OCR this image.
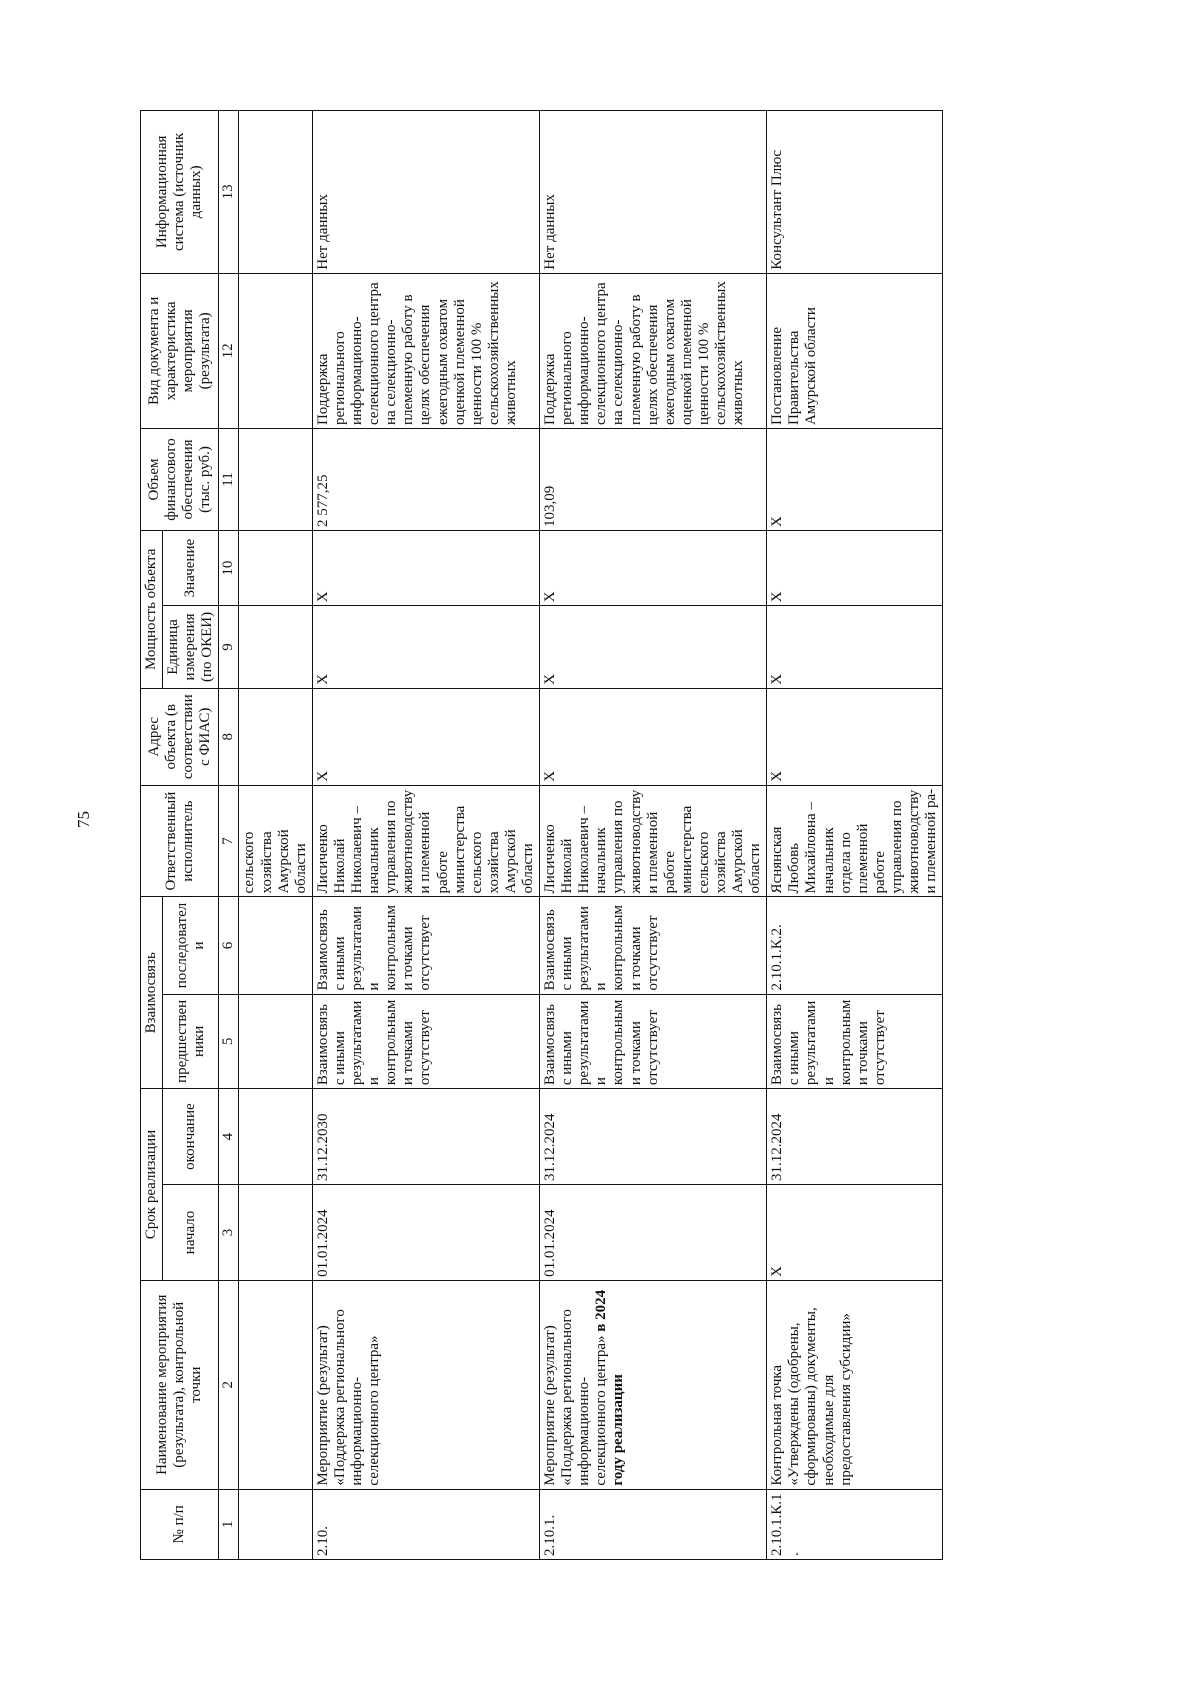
75
№ п/п	Наименование мероприятия (результата), контрольной точки	Срок реализации		Взаимосвязь		Ответственный исполнитель	Адрес объекта (в соответствии с ФИАС)	Мощность объекта		Объем финансового обеспечения (тыс. руб.)	Вид документа и характеристика мероприятия (результата)	Информационная система (источник данных)
		начало	окончание	предшественники	последователи			Единица измерения (по ОКЕИ)	Значение			
1	2	3	4	5	6	7	8	9	10	11	12	13
						сельского хозяйства Амурской области						
2.10.	Мероприятие (результат) «Поддержка регионального информационно-селекционного центра»	01.01.2024	31.12.2030	Взаимосвязь с иными результатами и контрольными точками отсутствует	Взаимосвязь с иными результатами и контрольными точками отсутствует	Лисиченко Николай Николаевич – начальник управления по животноводству и племенной работе министерства сельского хозяйства Амурской области	X	X	X	2 577,25	Поддержка регионального информационно-селекционного центра на селекционно-племенную работу в целях обеспечения ежегодным охватом оценкой племенной ценности 100 % сельскохозяйственных животных	Нет данных
2.10.1.	Мероприятие (результат) «Поддержка регионального информационно-селекционного центра» в 2024 году реализации	01.01.2024	31.12.2024	Взаимосвязь с иными результатами и контрольными точками отсутствует	Взаимосвязь с иными результатами и контрольными точками отсутствует	Лисиченко Николай Николаевич – начальник управления по животноводству и племенной работе министерства сельского хозяйства Амурской области	X	X	X	103,09	Поддержка регионального информационно-селекционного центра на селекционно-племенную работу в целях обеспечения ежегодным охватом оценкой племенной ценности 100 % сельскохозяйственных животных	Нет данных
2.10.1.К.1.	Контрольная точка «Утверждены (одобрены, сформированы) документы, необходимые для предоставления субсидии»	X	31.12.2024	Взаимосвязь с иными результатами и контрольными точками отсутствует	2.10.1.К.2.	Яснянская Любовь Михайловна – начальник отдела по племенной работе управления по животноводству и племенной ра-	X	X	X	X	Постановление Правительства Амурской области	Консультант Плюс
